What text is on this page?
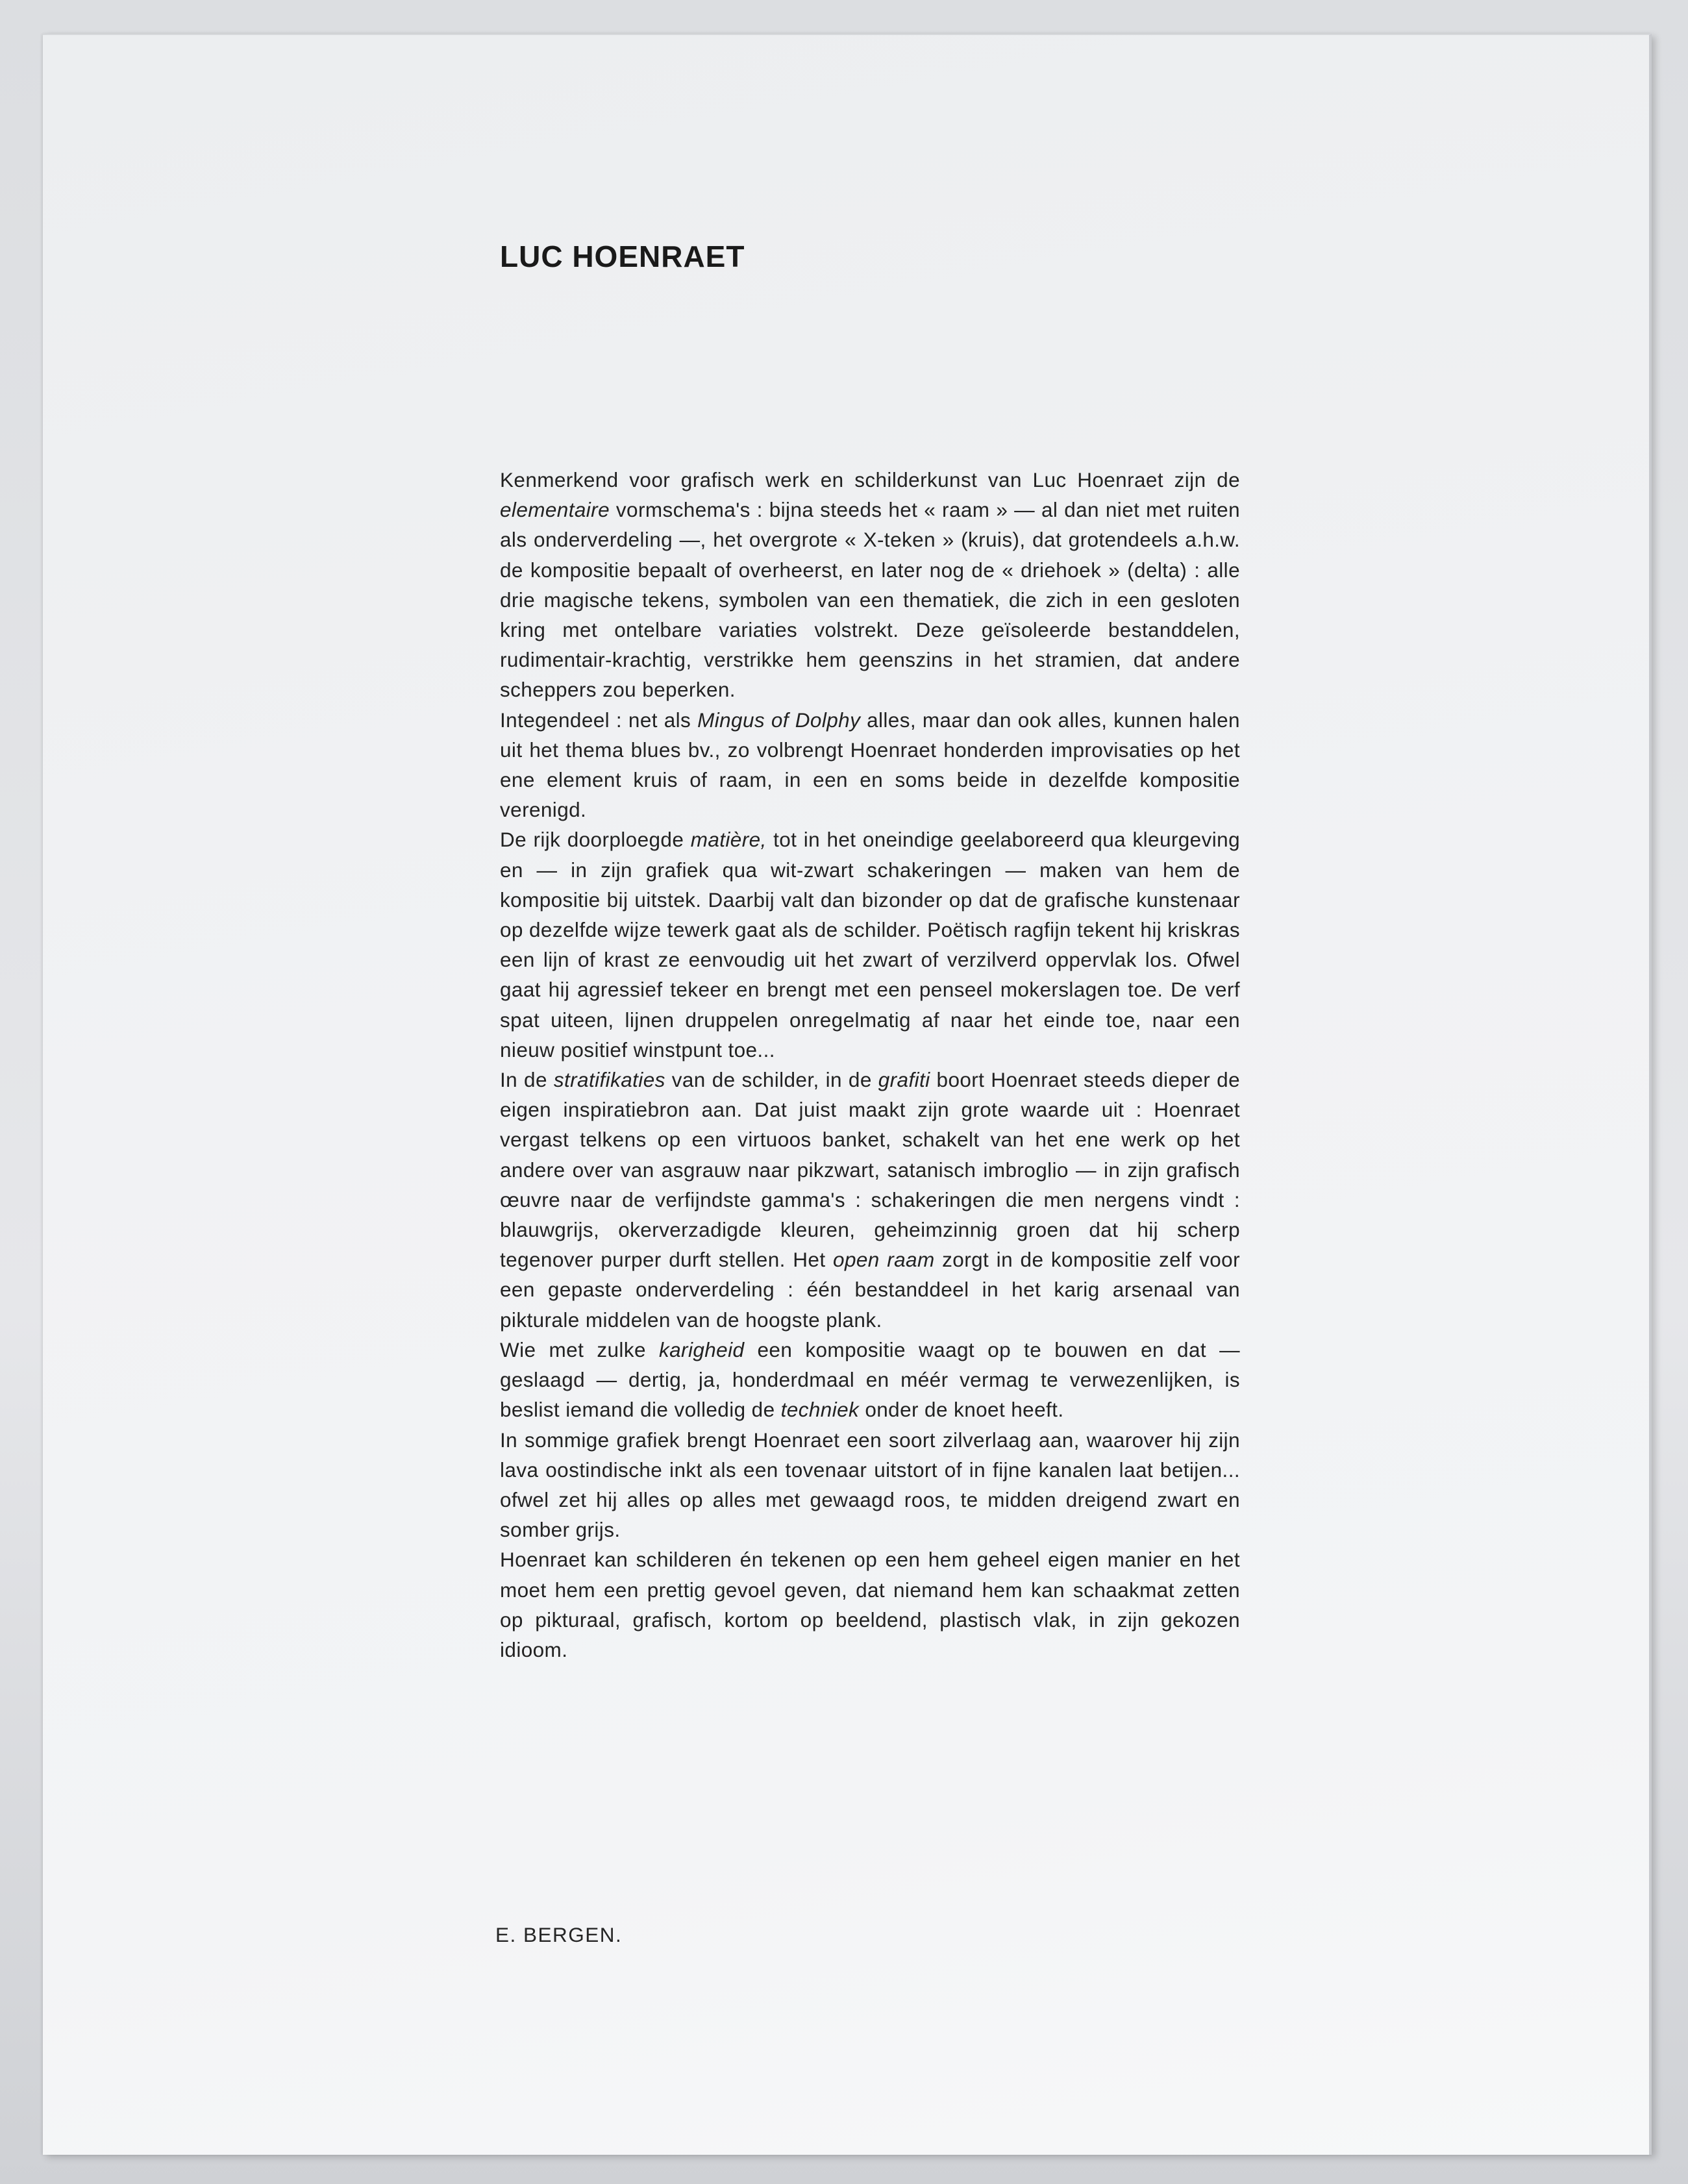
LUC HOENRAET

Kenmerkend voor grafisch werk en schilderkunst van Luc Hoenraet zijn de elementaire vormschema's : bijna steeds het « raam » — al dan niet met ruiten als onderverdeling —, het overgrote « X-teken » (kruis), dat grotendeels a.h.w. de kompositie bepaalt of overheerst, en later nog de « driehoek » (delta) : alle drie magische tekens, symbolen van een thematiek, die zich in een gesloten kring met ontelbare variaties volstrekt. Deze geïsoleerde bestanddelen, rudimentair-krachtig, verstrikke hem geenszins in het stramien, dat andere scheppers zou beperken.

Integendeel : net als Mingus of Dolphy alles, maar dan ook alles, kunnen halen uit het thema blues bv., zo volbrengt Hoenraet honderden improvisaties op het ene element kruis of raam, in een en soms beide in dezelfde kompositie verenigd.

De rijk doorploegde matière, tot in het oneindige geelaboreerd qua kleurgeving en — in zijn grafiek qua wit-zwart schakeringen — maken van hem de kompositie bij uitstek. Daarbij valt dan bizonder op dat de grafische kunstenaar op dezelfde wijze tewerk gaat als de schilder. Poëtisch ragfijn tekent hij kriskras een lijn of krast ze eenvoudig uit het zwart of verzilverd oppervlak los. Ofwel gaat hij agressief tekeer en brengt met een penseel mokerslagen toe. De verf spat uiteen, lijnen druppelen onregelmatig af naar het einde toe, naar een nieuw positief winstpunt toe...

In de stratifikaties van de schilder, in de grafiti boort Hoenraet steeds dieper de eigen inspiratiebron aan. Dat juist maakt zijn grote waarde uit : Hoenraet vergast telkens op een virtuoos banket, schakelt van het ene werk op het andere over van asgrauw naar pikzwart, satanisch imbroglio — in zijn grafisch œuvre naar de verfijndste gamma's : schakeringen die men nergens vindt : blauwgrijs, okerverzadigde kleuren, geheimzinnig groen dat hij scherp tegenover purper durft stellen. Het open raam zorgt in de kompositie zelf voor een gepaste onderverdeling : één bestanddeel in het karig arsenaal van pikturale middelen van de hoogste plank.

Wie met zulke karigheid een kompositie waagt op te bouwen en dat — geslaagd — dertig, ja, honderdmaal en méér vermag te verwezenlijken, is beslist iemand die volledig de techniek onder de knoet heeft.

In sommige grafiek brengt Hoenraet een soort zilverlaag aan, waarover hij zijn lava oostindische inkt als een tovenaar uitstort of in fijne kanalen laat betijen... ofwel zet hij alles op alles met gewaagd roos, te midden dreigend zwart en somber grijs.

Hoenraet kan schilderen én tekenen op een hem geheel eigen manier en het moet hem een prettig gevoel geven, dat niemand hem kan schaakmat zetten op pikturaal, grafisch, kortom op beeldend, plastisch vlak, in zijn gekozen idioom.

E. BERGEN.
